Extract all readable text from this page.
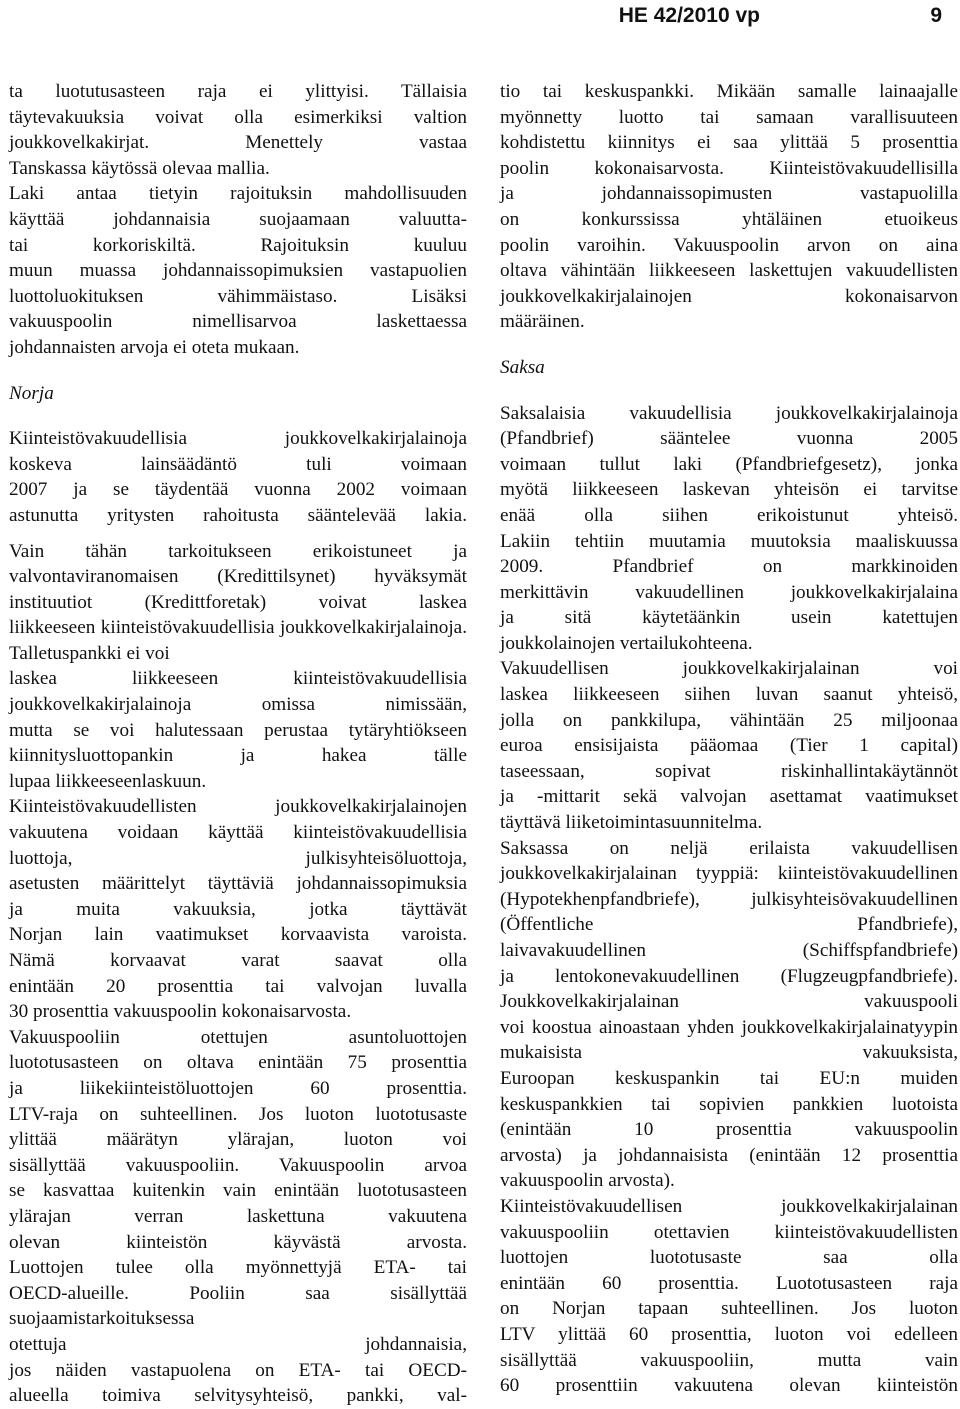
HE 42/2010 vp	9

ta luotutusasteen raja ei ylittyisi. Tällaisia

täytevakuuksia voivat olla esimerkiksi valtion

joukkovelkakirjat. Menettely vastaa

Tanskassa käytössä olevaa mallia.

Laki antaa tietyin rajoituksin mahdollisuuden

käyttää johdannaisia suojaamaan valuutta-

tai korkoriskiltä. Rajoituksin kuuluu

muun muassa johdannaissopimuksien vastapuolien

luottoluokituksen vähimmäistaso. Lisäksi

vakuuspoolin nimellisarvoa laskettaessa

johdannaisten arvoja ei oteta mukaan.

Norja

Kiinteistövakuudellisia joukkovelkakirjalainoja

koskeva lainsäädäntö tuli voimaan

2007 ja se täydentää vuonna 2002 voimaan

astunutta yritysten rahoitusta sääntelevää lakia.

Vain tähän tarkoitukseen erikoistuneet ja

valvontaviranomaisen (Kredittilsynet) hyväksymät

instituutiot (Kredittforetak) voivat laskea

liikkeeseen kiinteistövakuudellisia joukkovelkakirjalainoja.

Talletuspankki ei voi

laskea liikkeeseen kiinteistövakuudellisia

joukkovelkakirjalainoja omissa nimissään,

mutta se voi halutessaan perustaa tytäryhtiökseen

kiinnitysluottopankin ja hakea tälle

lupaa liikkeeseenlaskuun.

Kiinteistövakuudellisten joukkovelkakirjalainojen

vakuutena voidaan käyttää kiinteistövakuudellisia

luottoja, julkisyhteisöluottoja,

asetusten määrittelyt täyttäviä johdannaissopimuksia

ja muita vakuuksia, jotka täyttävät

Norjan lain vaatimukset korvaavista varoista.

Nämä korvaavat varat saavat olla

enintään 20 prosenttia tai valvojan luvalla

30 prosenttia vakuuspoolin kokonaisarvosta.

Vakuuspooliin otettujen asuntoluottojen

luototusasteen on oltava enintään 75 prosenttia

ja liikekiinteistöluottojen 60 prosenttia.

LTV-raja on suhteellinen. Jos luoton luototusaste

ylittää määrätyn ylärajan, luoton voi

sisällyttää vakuuspooliin. Vakuuspoolin arvoa

se kasvattaa kuitenkin vain enintään luototusasteen

ylärajan verran laskettuna vakuutena

olevan kiinteistön käyvästä arvosta.

Luottojen tulee olla myönnettyjä ETA- tai

OECD-alueille. Pooliin saa sisällyttää suojaamistarkoituksessa

otettuja johdannaisia,

jos näiden vastapuolena on ETA- tai OECD-

alueella toimiva selvitysyhteisö, pankki, val-

tio tai keskuspankki. Mikään samalle lainaajalle

myönnetty luotto tai samaan varallisuuteen

kohdistettu kiinnitys ei saa ylittää 5 prosenttia

poolin kokonaisarvosta. Kiinteistövakuudellisilla

ja johdannaissopimusten vastapuolilla

on konkurssissa yhtäläinen etuoikeus

poolin varoihin. Vakuuspoolin arvon on aina

oltava vähintään liikkeeseen laskettujen vakuudellisten

joukkovelkakirjalainojen kokonaisarvon

määräinen.

Saksa

Saksalaisia vakuudellisia joukkovelkakirjalainoja

(Pfandbrief) sääntelee vuonna 2005

voimaan tullut laki (Pfandbriefgesetz), jonka

myötä liikkeeseen laskevan yhteisön ei tarvitse

enää olla siihen erikoistunut yhteisö.

Lakiin tehtiin muutamia muutoksia maaliskuussa

2009. Pfandbrief on markkinoiden

merkittävin vakuudellinen joukkovelkakirjalaina

ja sitä käytetäänkin usein katettujen

joukkolainojen vertailukohteena.

Vakuudellisen joukkovelkakirjalainan voi

laskea liikkeeseen siihen luvan saanut yhteisö,

jolla on pankkilupa, vähintään 25 miljoonaa

euroa ensisijaista pääomaa (Tier 1 capital)

taseessaan, sopivat riskinhallintakäytännöt

ja -mittarit sekä valvojan asettamat vaatimukset

täyttävä liiketoimintasuunnitelma.

Saksassa on neljä erilaista vakuudellisen

joukkovelkakirjalainan tyyppiä: kiinteistövakuudellinen

(Hypotekhenpfandbriefe), julkisyhteisövakuudellinen

(Öffentliche Pfandbriefe),

laivavakuudellinen (Schiffspfandbriefe)

ja lentokonevakuudellinen (Flugzeugpfandbriefe).

Joukkovelkakirjalainan vakuuspooli

voi koostua ainoastaan yhden joukkovelkakirjalainatyypin

mukaisista vakuuksista,

Euroopan keskuspankin tai EU:n muiden

keskuspankkien tai sopivien pankkien luotoista

(enintään 10 prosenttia vakuuspoolin

arvosta) ja johdannaisista (enintään 12 prosenttia

vakuuspoolin arvosta).

Kiinteistövakuudellisen joukkovelkakirjalainan

vakuuspooliin otettavien kiinteistövakuudellisten

luottojen luototusaste saa olla

enintään 60 prosenttia. Luototusasteen raja

on Norjan tapaan suhteellinen. Jos luoton

LTV ylittää 60 prosenttia, luoton voi edelleen

sisällyttää vakuuspooliin, mutta vain

60 prosenttiin vakuutena olevan kiinteistön
